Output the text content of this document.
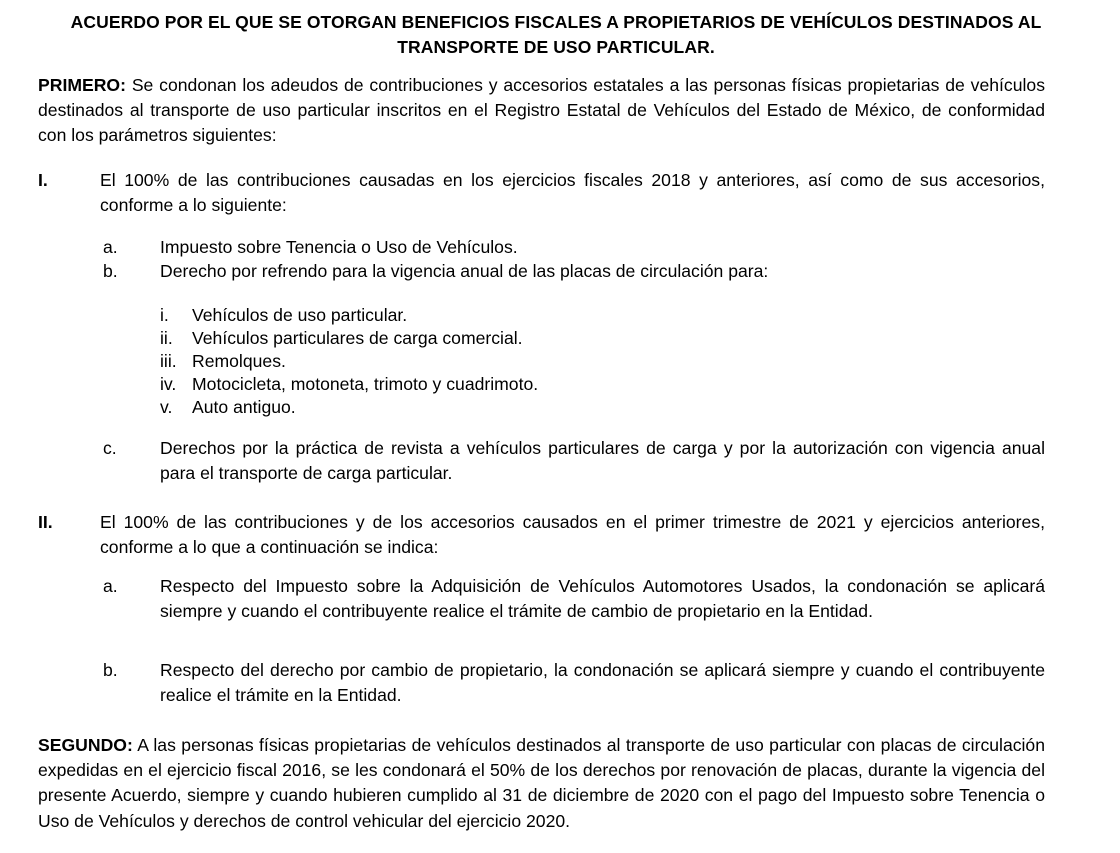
ACUERDO POR EL QUE SE OTORGAN BENEFICIOS FISCALES A PROPIETARIOS DE VEHÍCULOS DESTINADOS AL TRANSPORTE DE USO PARTICULAR.

PRIMERO: Se condonan los adeudos de contribuciones y accesorios estatales a las personas físicas propietarias de vehículos destinados al transporte de uso particular inscritos en el Registro Estatal de Vehículos del Estado de México, de conformidad con los parámetros siguientes:

I.	El 100% de las contribuciones causadas en los ejercicios fiscales 2018 y anteriores, así como de sus accesorios, conforme a lo siguiente:

a.	Impuesto sobre Tenencia o Uso de Vehículos.

b.	Derecho por refrendo para la vigencia anual de las placas de circulación para:

i.	Vehículos de uso particular.

ii.	Vehículos particulares de carga comercial.

iii. Remolques.

iv. Motocicleta, motoneta, trimoto y cuadrimoto.

v.	Auto antiguo.

c.	Derechos por la práctica de revista a vehículos particulares de carga y por la autorización con vigencia anual para el transporte de carga particular.

II.	El 100% de las contribuciones y de los accesorios causados en el primer trimestre de 2021 y ejercicios anteriores, conforme a lo que a continuación se indica:

a.	Respecto del Impuesto sobre la Adquisición de Vehículos Automotores Usados, la condonación se aplicará siempre y cuando el contribuyente realice el trámite de cambio de propietario en la Entidad.

b.	Respecto del derecho por cambio de propietario, la condonación se aplicará siempre y cuando el contribuyente realice el trámite en la Entidad.

SEGUNDO: A las personas físicas propietarias de vehículos destinados al transporte de uso particular con placas de circulación expedidas en el ejercicio fiscal 2016, se les condonará el 50% de los derechos por renovación de placas, durante la vigencia del presente Acuerdo, siempre y cuando hubieren cumplido al 31 de diciembre de 2020 con el pago del Impuesto sobre Tenencia o Uso de Vehículos y derechos de control vehicular del ejercicio 2020.
